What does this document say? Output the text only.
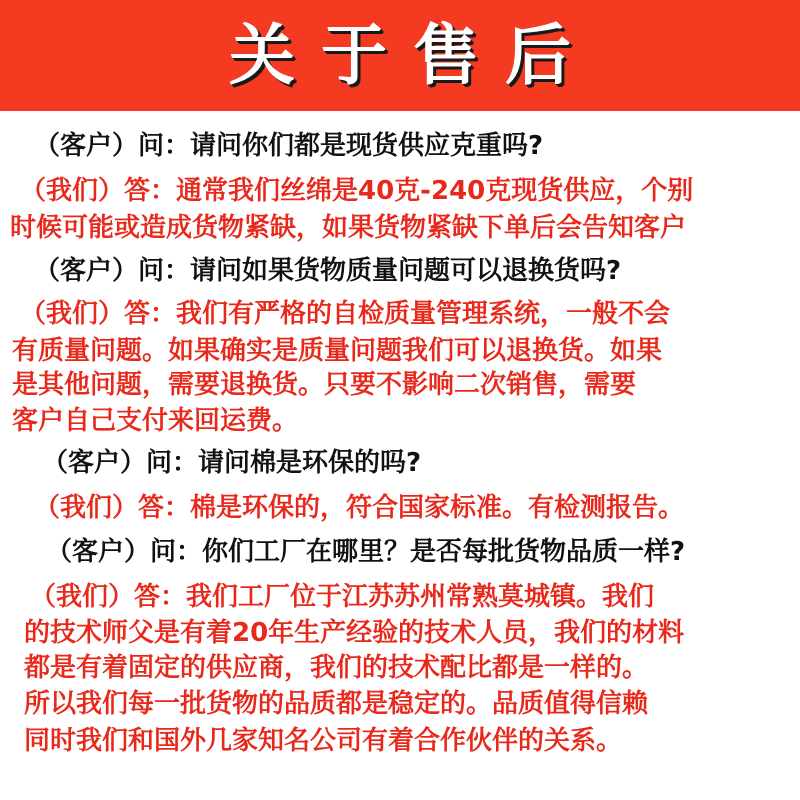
关于售后
（客户）问：请问你们都是现货供应克重吗?
（我们）答：通常我们丝绵是40克-240克现货供应，个别
时候可能或造成货物紧缺，如果货物紧缺下单后会告知客户
（客户）问：请问如果货物质量问题可以退换货吗?
（我们）答：我们有严格的自检质量管理系统，一般不会
有质量问题。如果确实是质量问题我们可以退换货。如果
是其他问题，需要退换货。只要不影响二次销售，需要
客户自己支付来回运费。
（客户）问：请问棉是环保的吗?
（我们）答：棉是环保的，符合国家标准。有检测报告。
（客户）问：你们工厂在哪里？是否每批货物品质一样?
（我们）答：我们工厂位于江苏苏州常熟莫城镇。我们
的技术师父是有着20年生产经验的技术人员，我们的材料
都是有着固定的供应商，我们的技术配比都是一样的。
所以我们每一批货物的品质都是稳定的。品质值得信赖
同时我们和国外几家知名公司有着合作伙伴的关系。
